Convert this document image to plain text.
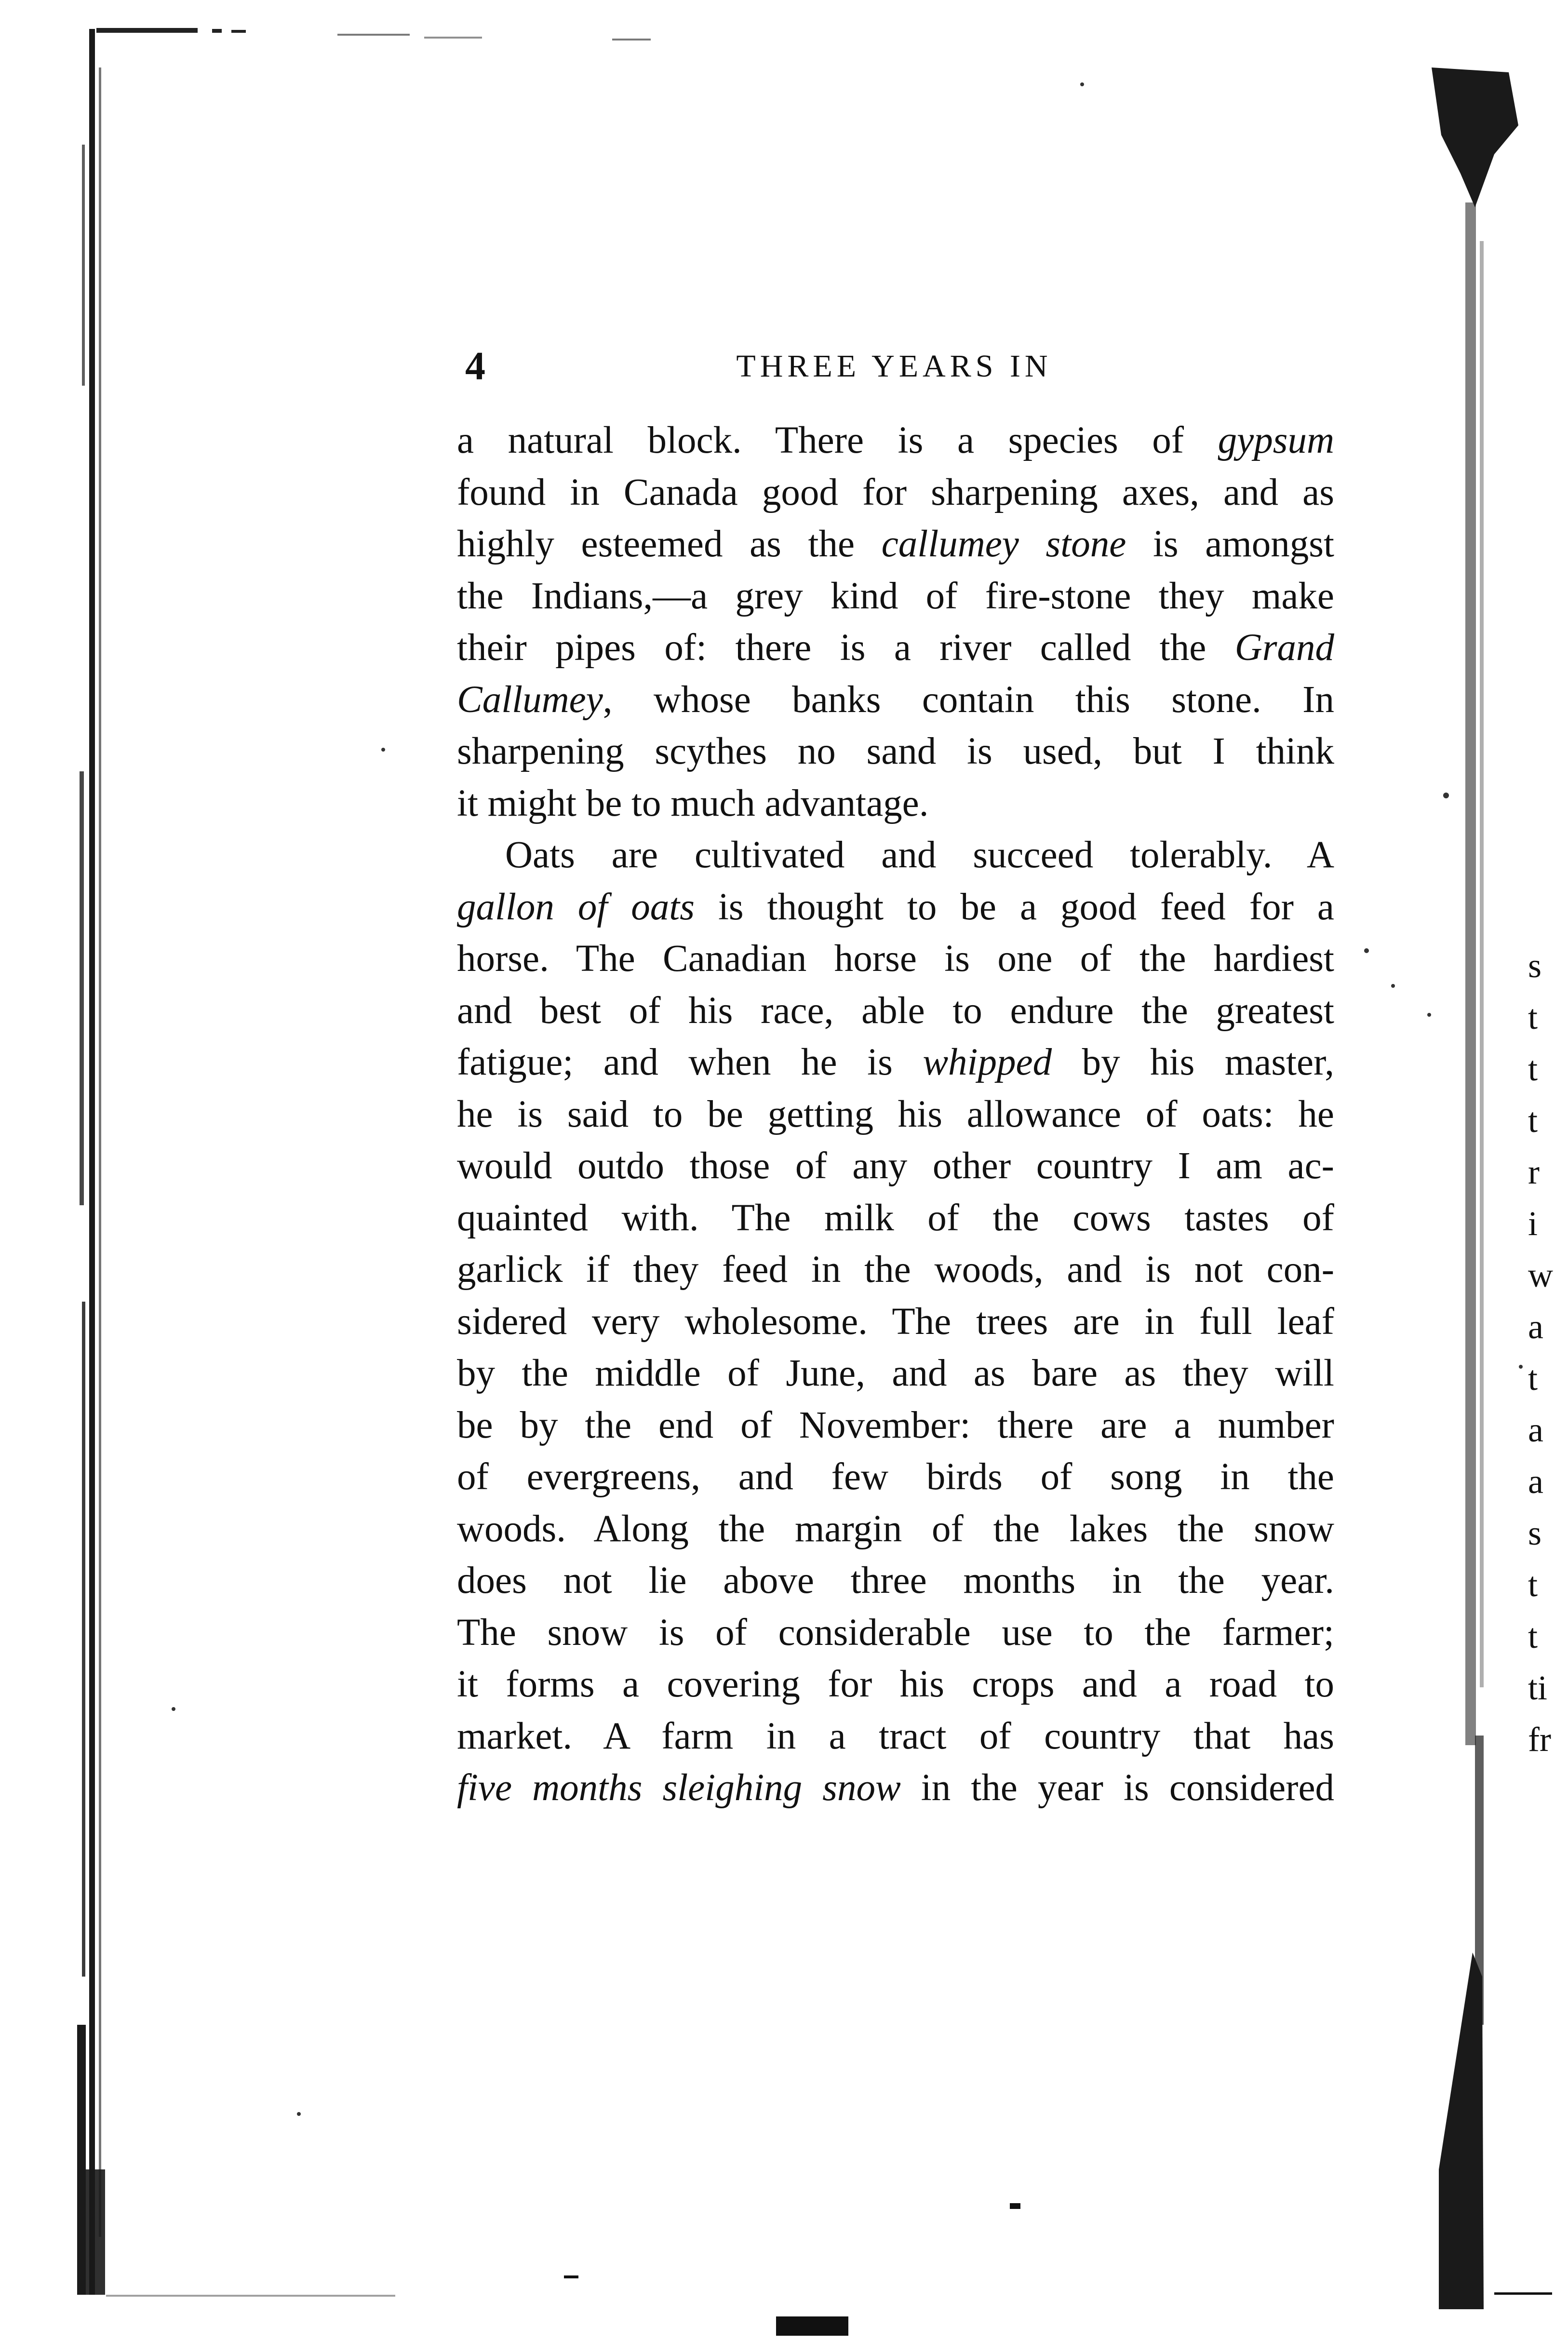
4	THREE YEARS IN
a natural block. There is a species of gypsum
found in Canada good for sharpening axes, and as
highly esteemed as the callumey stone is amongst
the Indians,—a grey kind of fire-stone they make
their pipes of: there is a river called the Grand
Callumey, whose banks contain this stone. In
sharpening scythes no sand is used, but I think
it might be to much advantage.
Oats are cultivated and succeed tolerably. A
gallon of oats is thought to be a good feed for a
horse. The Canadian horse is one of the hardiest
and best of his race, able to endure the greatest
fatigue; and when he is whipped by his master,
he is said to be getting his allowance of oats: he
would outdo those of any other country I am ac-
quainted with. The milk of the cows tastes of
garlick if they feed in the woods, and is not con-
sidered very wholesome. The trees are in full leaf
by the middle of June, and as bare as they will
be by the end of November: there are a number
of evergreens, and few birds of song in the
woods. Along the margin of the lakes the snow
does not lie above three months in the year.
The snow is of considerable use to the farmer;
it forms a covering for his crops and a road to
market. A farm in a tract of country that has
five months sleighing snow in the year is considered
s
t
t
t
r
i
w
a
t
a
a
s
t
t
ti
fr
